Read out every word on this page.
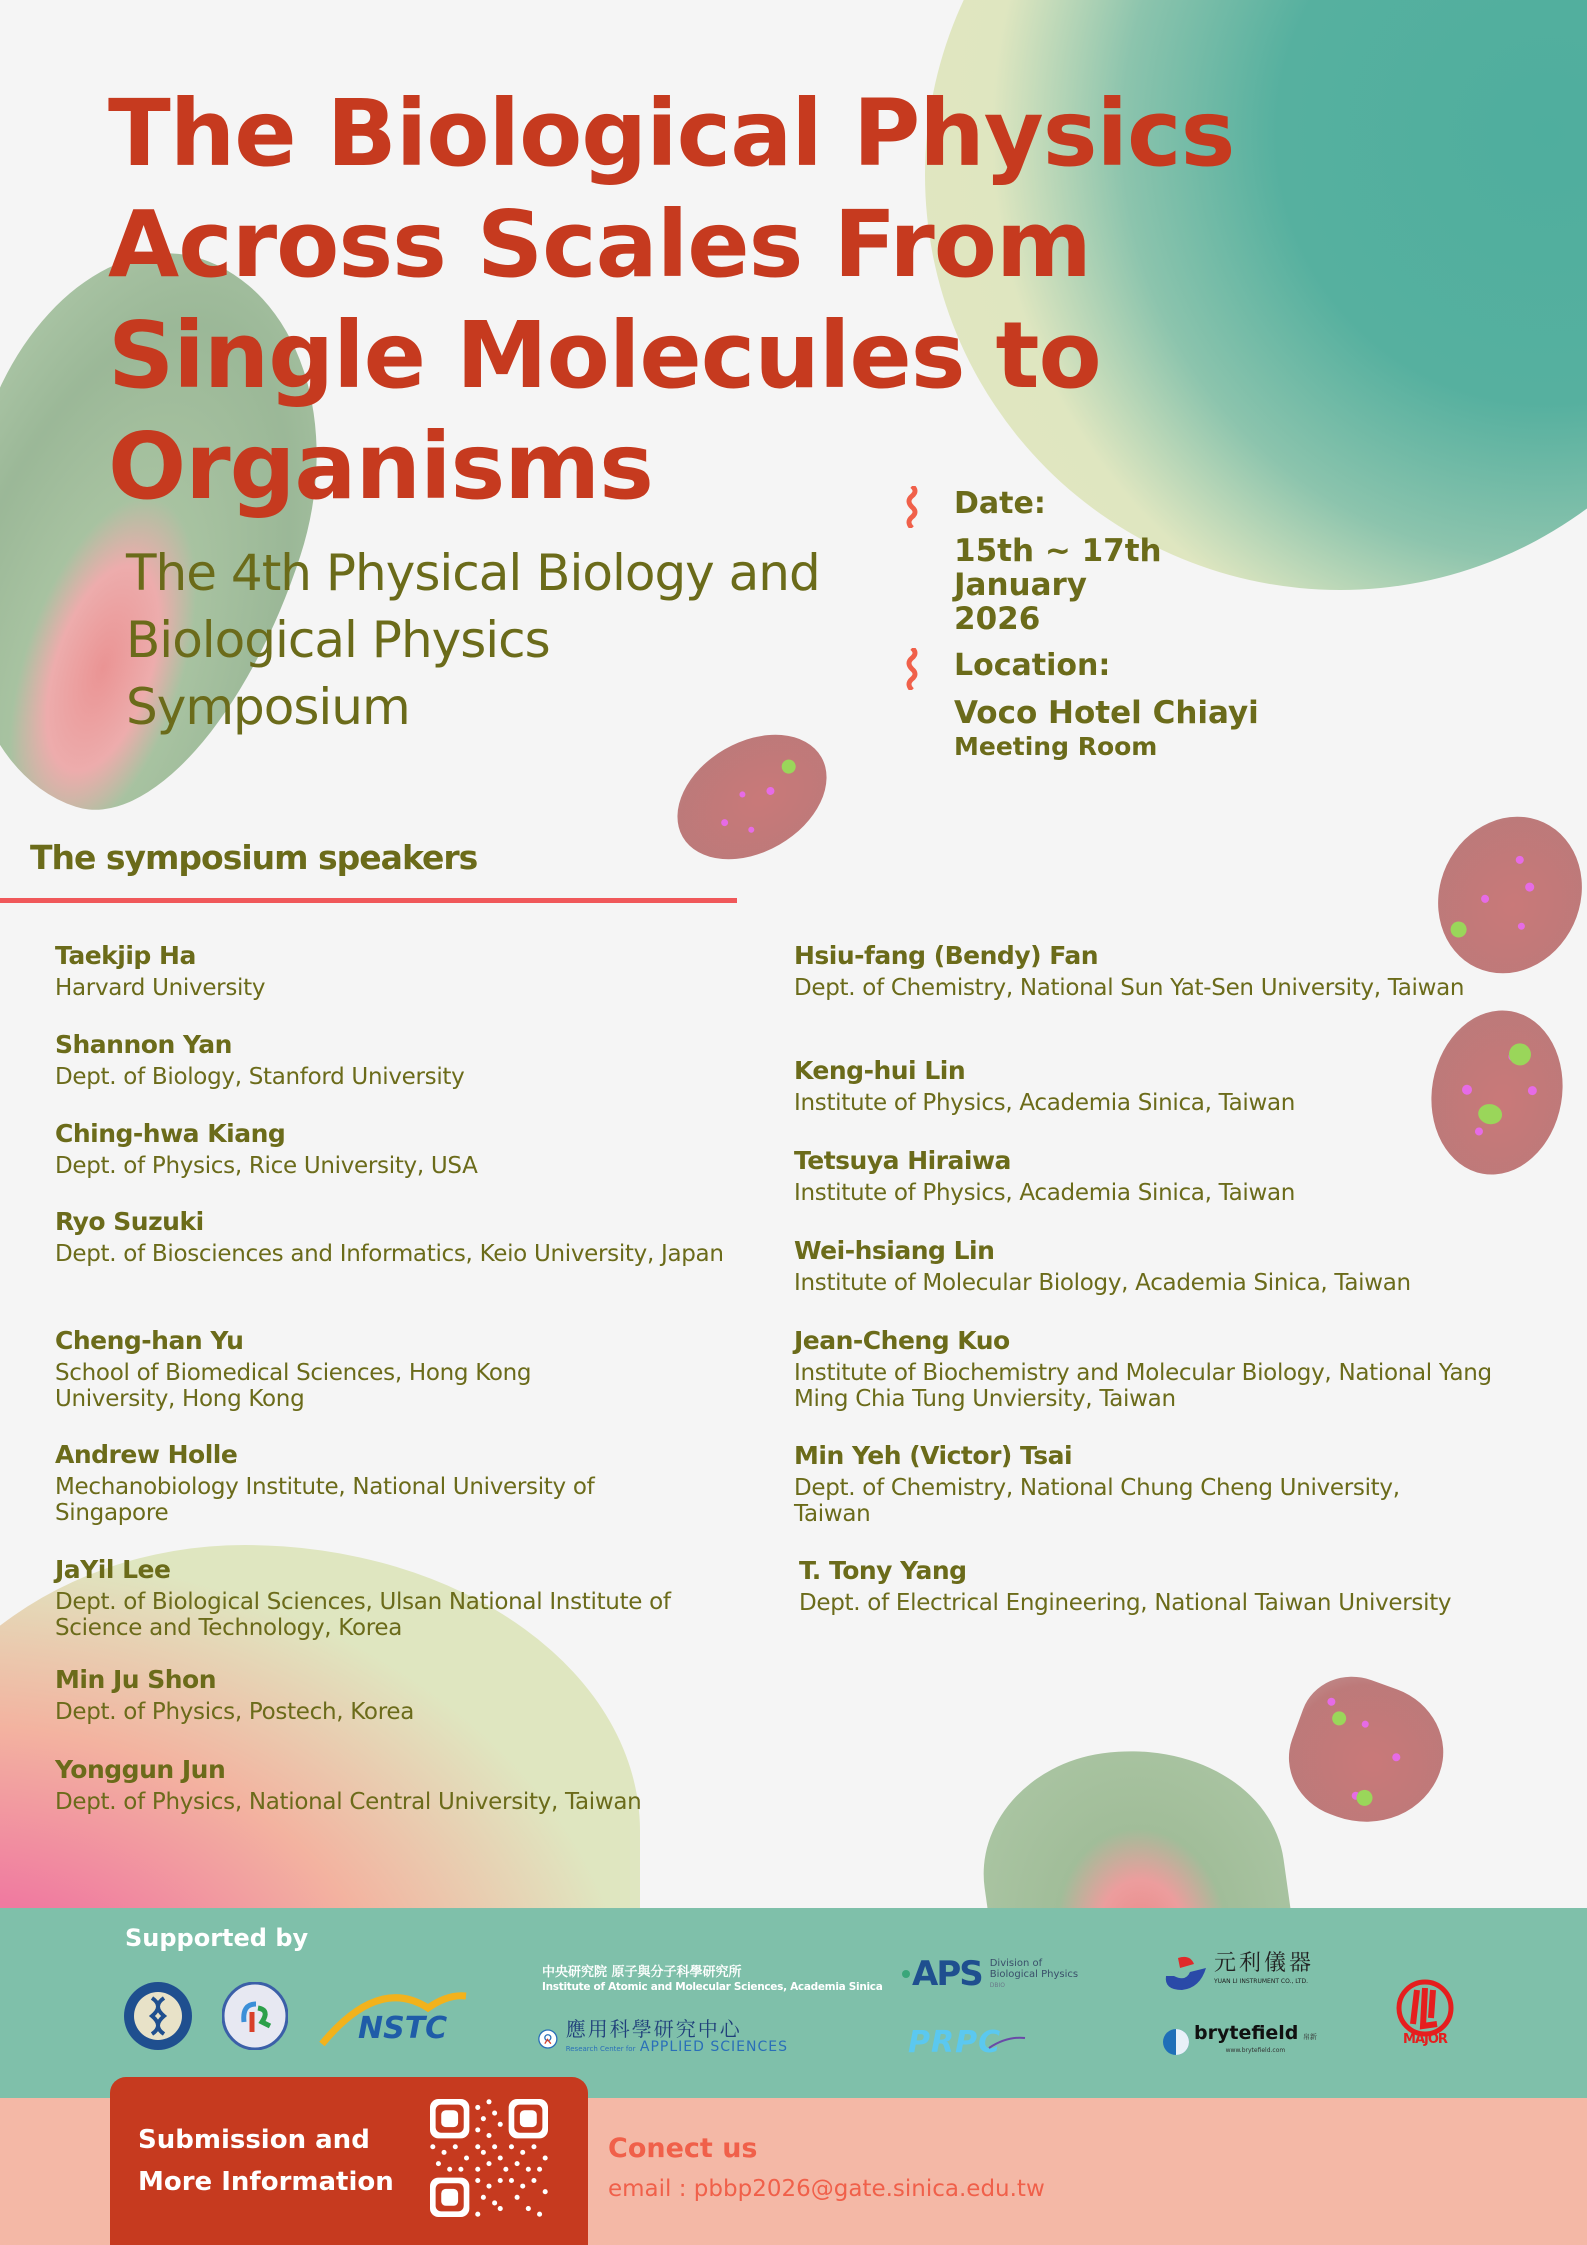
The Biological Physics
Across Scales From
Single Molecules to
Organisms
The 4th Physical Biology and
Biological Physics
Symposium
Date:
15th ~ 17th January
2026
Location:
Voco Hotel Chiayi
Meeting Room
The symposium speakers
Taekjip Ha
Harvard University
Shannon Yan
Dept. of Biology, Stanford University
Ching-hwa Kiang
Dept. of Physics, Rice University, USA
Ryo Suzuki
Dept. of Biosciences and Informatics, Keio University, Japan
Cheng-han Yu
School of Biomedical Sciences, Hong Kong University, Hong Kong
Andrew Holle
Mechanobiology Institute, National University of Singapore
JaYil Lee
Dept. of Biological Sciences, Ulsan National Institute of Science and Technology, Korea
Min Ju Shon
Dept. of Physics, Postech, Korea
Yonggun Jun
Dept. of Physics, National Central University, Taiwan
Hsiu-fang (Bendy) Fan
Dept. of Chemistry, National Sun Yat-Sen University, Taiwan
Keng-hui Lin
Institute of Physics, Academia Sinica, Taiwan
Tetsuya Hiraiwa
Institute of Physics, Academia Sinica, Taiwan
Wei-hsiang Lin
Institute of Molecular Biology, Academia Sinica, Taiwan
Jean-Cheng Kuo
Institute of Biochemistry and Molecular Biology, National Yang Ming Chia Tung Unviersity, Taiwan
Min Yeh (Victor) Tsai
Dept. of Chemistry, National Chung Cheng University, Taiwan
T. Tony Yang
Dept. of Electrical Engineering, National Taiwan University
Supported by
NSTC
中央研究院 原子與分子科學研究所
Institute of Atomic and Molecular Sciences, Academia Sinica
應用科學研究中心
Research Center for APPLIED SCIENCES
APS Division of
Biological Physics
DBIO
PRPC
元利儀器
YUAN LI INSTRUMENT CO., LTD.
brytefield 帛新
www.brytefield.com
MAJOR
Submission and
More Information
Conect us
email : pbbp2026@gate.sinica.edu.tw
